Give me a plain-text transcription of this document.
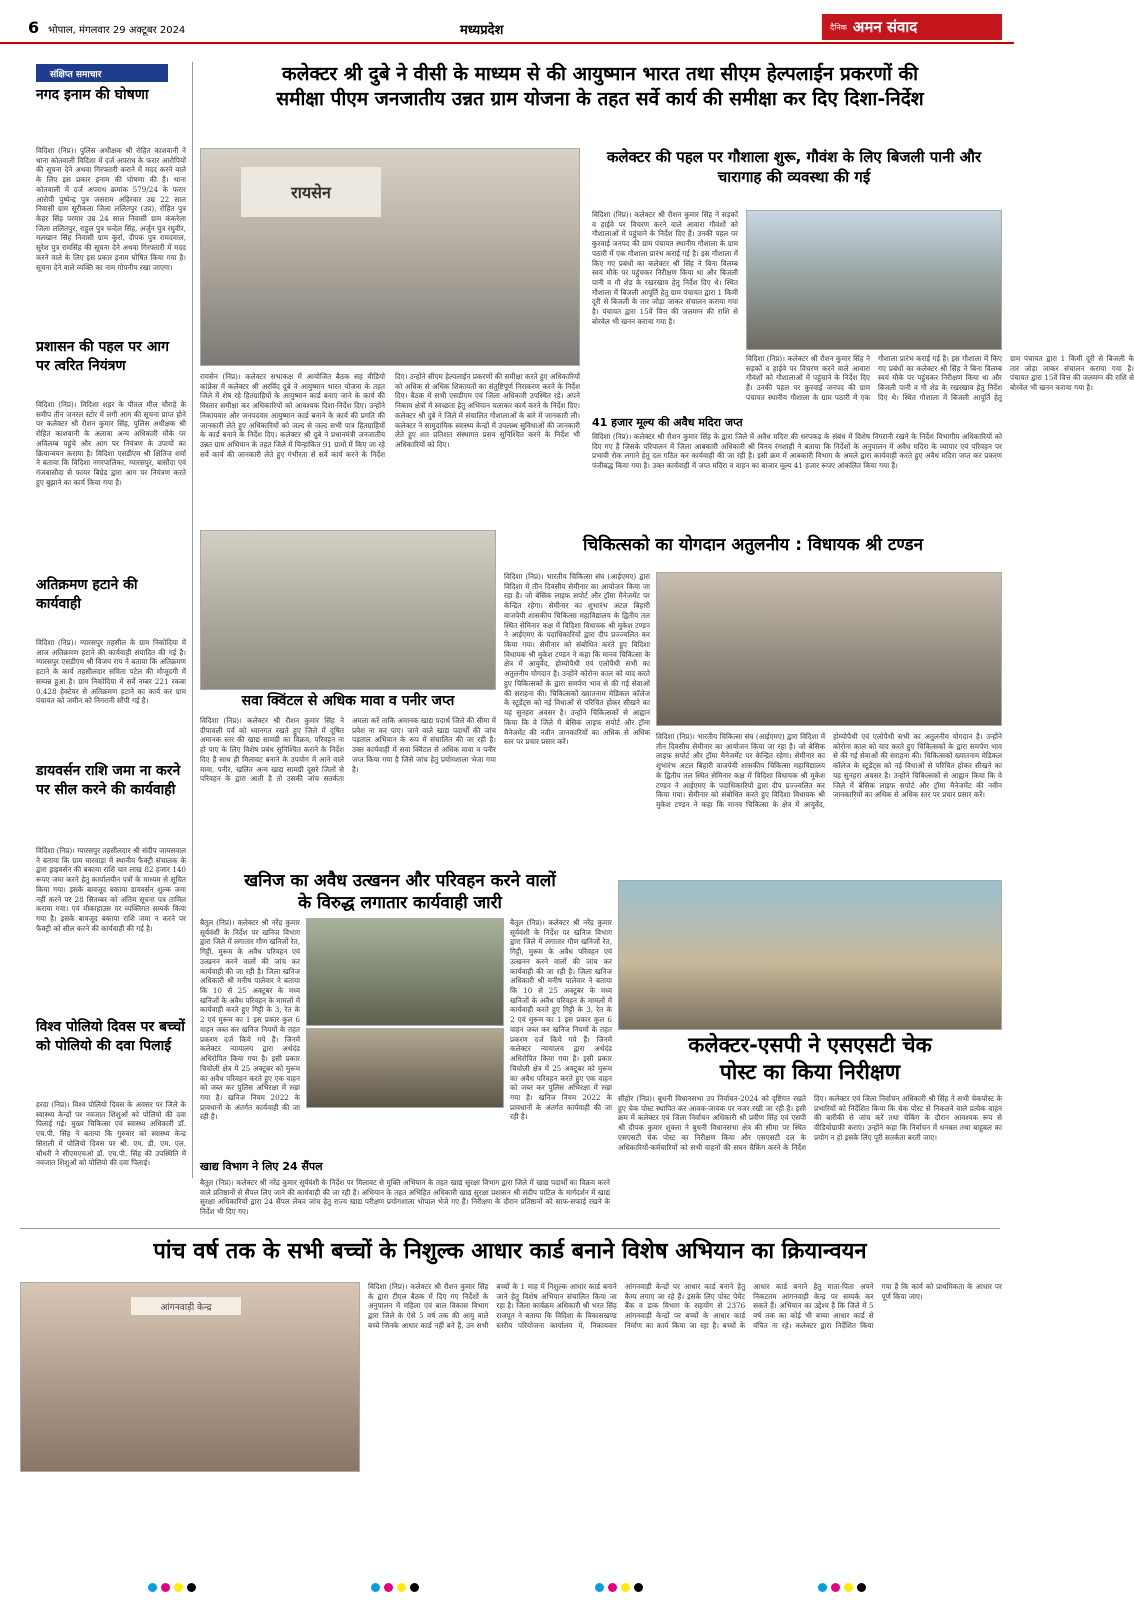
6 भोपाल, मंगलवार 29 अक्टूबर 2024	मध्यप्रदेश	दैनिक अमन संवाद
संक्षिप्त समाचार
नगद इनाम की घोषणा
विदिशा (निप्र)। पुलिस अधीक्षक श्री रोहित काशवानी ने थाना कोतवाली विदिशा में दर्ज अपराध के फरार आरोपियों की सूचना देने अथवा गिरफ्तारी कराने में मदद करने वाले के लिए इस प्रकार इनाम की घोषणा की है। थाना कोतवाली में दर्ज अपराध क्रमांक 579/24 के फरार आरोपी पुष्पेन्द्र पुत्र जसराम अहिरवार उम्र 22 साल निवासी ग्राम सूरीकला जिला ललितपुर (उप्र), रोहित पुत्र केहर सिंह परमार उम्र 24 साल निवासी ग्राम कंकरेला जिला ललितपुर, राहुल पुत्र चन्देल सिंह, अर्जुन पुत्र रघुवीर, मलखान सिंह निवासी ग्राम कुर्रा, दीपक पुत्र रामदयाल, सुरेश पुत्र रामसिंह की सूचना देने अथवा गिरफ्तारी में मदद करने वाले के लिए इस प्रकार इनाम घोषित किया गया है। सूचना देने वाले व्यक्ति का नाम गोपनीय रखा जाएगा।
प्रशासन की पहल पर आग पर त्वरित नियंत्रण
विदिशा (निप्र)। विदिशा शहर के पीतल मील चौराहे के समीप तीन जनरल स्टोर में लगी आग की सूचना प्राप्त होने पर कलेक्टर श्री रौशन कुमार सिंह, पुलिस अधीक्षक श्री रोहित काशवानी के अलावा अन्य अधिकारी मौके पर अविलम्ब पहुंचे और आग पर नियंत्रण के उपायों का क्रियान्वयन कराया है। विदिशा एसडीएम श्री क्षितिज शर्मा ने बताया कि विदिशा नगरपालिका, ग्यारसपुर, बासौदा एवं गंजबासौदा से फायर बिग्रेड द्वारा आग पर नियंत्रण करते हुए बुझाने का कार्य किया गया है।
अतिक्रमण हटाने की कार्यवाही
विदिशा (निप्र)। ग्यारसपुर तहसील के ग्राम निकोदिया में आज अतिक्रमण हटाने की कार्यवाही संपादित की गई है। ग्यारसपुर एसडीएम श्री विजय राय ने बताया कि अतिक्रमण हटाने के कार्य तहसीलदार सविता पटेल की मौजूदगी में सम्पन्न हुआ है। ग्राम निकोदिया में सर्वे नम्बर 221 रकबा 0.428 हेक्टेयर से अतिक्रमण हटाने का कार्य कर ग्राम पंचायत को जमीन को निगरानी सौंपी गई है।
डायवर्सन राशि जमा ना करने पर सील करने की कार्यवाही
विदिशा (निप्र)। ग्यारसपुर तहसीलदार श्री संदीप जायसवाल ने बताया कि ग्राम मारवाड़ा में स्थानीय फैक्ट्री संचालक के द्वारा ड्राइवर्सन की बकाया राशि चार लाख 82 हजार 140 रूपए जमा करने हेतु कार्यालयीन पत्रों के माध्यम से सूचित किया गया। इसके बावजूद बकाया डायवर्सन शुल्क जमा नहीं करने पर 28 सितम्बर को अंतिम सूचना पत्र तामिल कराया गया। एवं मौकाहाउस पर व्यक्तिगत सम्पर्क किया गया है। इसके बावजूद बकाया राशि जमा न करने पर फैक्ट्री को सील करने की कार्यवाही की गई है।
विश्व पोलियो दिवस पर बच्चों को पोलियो की दवा पिलाई
हरदा (निप्र)। विश्व पोलियो दिवस के अवसर पर जिले के स्वास्थ्य केन्द्रों पर नवजात शिशुओं को पोलियो की दवा पिलाई गई। मुख्य चिकित्सा एवं स्वास्थ्य अधिकारी डॉ. एच.पी. सिंह ने बताया कि गुरुवार को स्वास्थ्य केन्द्र सिराली में पोलियो दिवस पर श्री. एम. डी. एम. एल. चौधरी ने सीएमएचओ डॉ. एच.पी. सिंह की उपस्थिति में नवजात शिशुओं को पोलियो की दवा पिलाई।
कलेक्टर श्री दुबे ने वीसी के माध्यम से की आयुष्मान भारत तथा सीएम हेल्पलाईन प्रकरणों की
समीक्षा पीएम जनजातीय उन्नत ग्राम योजना के तहत सर्वे कार्य की समीक्षा कर दिए दिशा-निर्देश
रायसेन
रायसेन (निप्र)। कलेक्टर सभाकक्ष में आयोजित बैठक सह वीडियो कांफ्रेंस में कलेक्टर श्री अरविंद दुबे ने आयुष्मान भारत योजना के तहत जिले में शेष रहे हितग्राहियों के आयुष्मान कार्ड बनाए जाने के कार्य की विस्तार समीक्षा कर अधिकारियों को आवश्यक दिशा-निर्देश दिए। उन्होंने निकायवार और जनपदवार आयुष्मान कार्ड बनाने के कार्य की प्रगति की जानकारी लेते हुए अधिकारियों को जल्द से जल्द सभी पात्र हितग्राहियों के कार्ड बनाने के निर्देश दिए। कलेक्टर श्री दुबे ने प्रधानमंत्री जनजातीय उन्नत ग्राम अभियान के तहत जिले में चिन्हांकित 91 ग्रामों में किए जा रहे सर्वे कार्य की जानकारी लेते हुए गंभीरता से सर्वे कार्य करने के निर्देश दिए। उन्होंने सीएम हेल्पलाईन प्रकरणों की समीक्षा करते हुए अधिकारियों को अधिक से अधिक शिकायतों का संतुष्टिपूर्ण निराकरण करने के निर्देश दिए। बैठक में सभी एसडीएम एवं जिला अधिकारी उपस्थित रहे। अपने निकाय क्षेत्रों में स्वच्छता हेतु अभियान चलाकर कार्य करने के निर्देश दिए। कलेक्टर श्री दुबे ने जिले में संचालित गौशालाओं के बारे में जानकारी ली। कलेक्टर ने सामुदायिक स्वास्थ्य केन्द्रों में उपलब्ध सुविधाओं की जानकारी लेते हुए शत प्रतिशत संस्थागत प्रसव सुनिश्चित करने के निर्देश भी अधिकारियों को दिए।
कलेक्टर की पहल पर गौशाला शुरू, गौवंश के लिए बिजली पानी और चारागाह की व्यवस्था की गई
विदिशा (निप्र)। कलेक्टर श्री रौशन कुमार सिंह ने सड़कों व हाईवे पर विचरण करने वाले आवारा गौवंशों को गौशालाओं में पहुंचाने के निर्देश दिए हैं। उनकी पहल पर कुरवाई जनपद की ग्राम पंचायत स्थानीय गौशाला के ग्राम पठारी में एक गौशाला प्रारंभ कराई गई है। इस गौशाला में किए गए प्रबंधों का कलेक्टर श्री सिंह ने बिना विलम्ब स्वयं मौके पर पहुंचकर निरीक्षण किया था और बिजली पानी व गौ शेड के रखरखाव हेतु निर्देश दिए थे। स्थित गौशाला में बिजली आपूर्ति हेतु ग्राम पंचायत द्वारा 1 किमी दूरी से बिजली के तार जोड़ा जाकर संचालन कराया गया है। पंचायत द्वारा 15वें वित्त की जलमग्न की राशि से बोरवेल भी खनन कराया गया है।
विदिशा (निप्र)। कलेक्टर श्री रौशन कुमार सिंह ने सड़कों व हाईवे पर विचरण करने वाले आवारा गौवंशों को गौशालाओं में पहुंचाने के निर्देश दिए हैं। उनकी पहल पर कुरवाई जनपद की ग्राम पंचायत स्थानीय गौशाला के ग्राम पठारी में एक गौशाला प्रारंभ कराई गई है। इस गौशाला में किए गए प्रबंधों का कलेक्टर श्री सिंह ने बिना विलम्ब स्वयं मौके पर पहुंचकर निरीक्षण किया था और बिजली पानी व गौ शेड के रखरखाव हेतु निर्देश दिए थे। स्थित गौशाला में बिजली आपूर्ति हेतु ग्राम पंचायत द्वारा 1 किमी दूरी से बिजली के तार जोड़ा जाकर संचालन कराया गया है। पंचायत द्वारा 15वें वित्त की जलमग्न की राशि से बोरवेल भी खनन कराया गया है।
41 हजार मूल्य की अवैध मदिरा जप्त
विदिशा (निप्र)। कलेक्टर श्री रौशन कुमार सिंह के द्वारा जिले में अवैध मदिरा की धरपकड़ के संबंध में विशेष निगरानी रखने के निर्देश विभागीय अधिकारियों को दिए गए हैं जिसके परिपालन में जिला आबकारी अधिकारी श्री विनय रंगशाही ने बताया कि निर्देशों के अनुपालन में अवैध मदिरा के व्यापार एवं परिवहन पर प्रभावी रोक लगाने हेतु दल गठित कर कार्यवाही की जा रही है। इसी क्रम में आबकारी विभाग के अमले द्वारा कार्यवाही करते हुए अवैध मदिरा जप्त कर प्रकरण पंजीबद्ध किया गया है। उक्त कार्यवाही में जप्त मदिरा व वाहन का बाजार मूल्य 41 हजार रूपए आंकलित किया गया है।
सवा क्विंटल से अधिक मावा व पनीर जप्त
विदिशा (निप्र)। कलेक्टर श्री रौशन कुमार सिंह ने दीपावली पर्व को ध्यानगत रखते हुए जिले में दूषित अमानक स्तर की खाद्य सामग्री का विक्रय, परिवहन ना हो पाए के लिए विशेष प्रबंध सुनिश्चित कराने के निर्देश दिए हैं साथ ही मिलावट बनाने के उपयोग में आने वाले मावा, पनीर, खलित अन्य खाद्य सामग्री दूसरे जिलों से परिवहन के द्वारा आती है तो उसकी जांच सतर्कता अमला करें ताकि अमानक खाद्य पदार्थ जिले की सीमा में प्रवेश ना कर पाए। जाने वाले खाद्य पदार्थों की जांच पड़ताल अभियान के रूप में संचालित की जा रही है। उक्त कार्यवाही में सवा क्विंटल से अधिक मावा व पनीर जप्त किया गया है जिसे जांच हेतु प्रयोगशाला भेजा गया है।
चिकित्सको का योगदान अतुलनीय : विधायक श्री टण्डन
विदिशा (निप्र)। भारतीय चिकित्सा संघ (आईएमए) द्वारा विदिशा में तीन दिवसीय सेमीनार का आयोजन किया जा रहा है। जो बेसिक लाइफ सपोर्ट और ट्रॉमा मैनेजमेंट पर केन्द्रित रहेगा। सेमीनार का शुभारंभ अटल बिहारी वाजपेयी शासकीय चिकित्सा महाविद्यालय के द्वितीय तल स्थित सेमिनार कक्ष में विदिशा विधायक श्री मुकेश टण्डन ने आईएमए के पदाधिकारियों द्वारा दीप प्रज्ज्वलित कर किया गया। सेमीनार को संबोधित करते हुए विदिशा विधायक श्री मुकेश टण्डन ने कहा कि मानव चिकित्सा के क्षेत्र में आयुर्वेद, होम्योपैथी एवं एलोपैथी सभी का अतुलनीय योगदान है। उन्होंने कोरोना काल को याद करते हुए चिकित्सकों के द्वारा समर्पण भाव से की गई सेवाओं की सराहना की। चिकित्सकों ख्यातनाम मेडिकल कॉलेज के स्टूडेंट्स को नई विधाओं से परिचित होकर सीखने का यह सुनहरा अवसर है। उन्होंने चिकित्सकों से आह्वान किया कि वे जिले में बेसिक लाइफ सपोर्ट और ट्रॉमा मैनेजमेंट की नवीन जानकारियों का अधिक से अधिक स्तर पर प्रचार प्रसार करें।
विदिशा (निप्र)। भारतीय चिकित्सा संघ (आईएमए) द्वारा विदिशा में तीन दिवसीय सेमीनार का आयोजन किया जा रहा है। जो बेसिक लाइफ सपोर्ट और ट्रॉमा मैनेजमेंट पर केन्द्रित रहेगा। सेमीनार का शुभारंभ अटल बिहारी वाजपेयी शासकीय चिकित्सा महाविद्यालय के द्वितीय तल स्थित सेमिनार कक्ष में विदिशा विधायक श्री मुकेश टण्डन ने आईएमए के पदाधिकारियों द्वारा दीप प्रज्ज्वलित कर किया गया। सेमीनार को संबोधित करते हुए विदिशा विधायक श्री मुकेश टण्डन ने कहा कि मानव चिकित्सा के क्षेत्र में आयुर्वेद, होम्योपैथी एवं एलोपैथी सभी का अतुलनीय योगदान है। उन्होंने कोरोना काल को याद करते हुए चिकित्सकों के द्वारा समर्पण भाव से की गई सेवाओं की सराहना की। चिकित्सकों ख्यातनाम मेडिकल कॉलेज के स्टूडेंट्स को नई विधाओं से परिचित होकर सीखने का यह सुनहरा अवसर है। उन्होंने चिकित्सकों से आह्वान किया कि वे जिले में बेसिक लाइफ सपोर्ट और ट्रॉमा मैनेजमेंट की नवीन जानकारियों का अधिक से अधिक स्तर पर प्रचार प्रसार करें।
खनिज का अवैध उत्खनन और परिवहन करने वालों
के विरुद्ध लगातार कार्यवाही जारी
बैतूल (निप्र)। कलेक्टर श्री नरेंद्र कुमार सूर्यवंशी के निर्देश पर खनिज विभाग द्वारा जिले में लगातार गौण खनिजों रेत, गिट्टी, मुरूम के अवैध परिवहन एवं उत्खनन करने वालों की जांच कर कार्यवाही की जा रही है। जिला खनिज अधिकारी श्री मनीष पालेवार ने बताया कि 10 से 25 अक्टूबर के मध्य खनिजों के अवैध परिवहन के मामलों में कार्यवाही करते हुए गिट्टी के 3, रेत के 2 एवं मुरूम का 1 इस प्रकार कुल 6 वाहन जब्त कर खनिज नियमों के तहत प्रकरण दर्ज किये गये हैं। जिनमें कलेक्टर न्यायालय द्वारा अर्थदंड अधिरोपित किया गया है। इसी प्रकार चिचोली क्षेत्र में 25 अक्टूबर को मुरूम का अवैध परिवहन करते हुए एक वाहन को जब्त कर पुलिस अभिरक्षा में रखा गया है। खनिज नियम 2022 के प्रावधानों के अंतर्गत कार्यवाही की जा रही है।
बैतूल (निप्र)। कलेक्टर श्री नरेंद्र कुमार सूर्यवंशी के निर्देश पर खनिज विभाग द्वारा जिले में लगातार गौण खनिजों रेत, गिट्टी, मुरूम के अवैध परिवहन एवं उत्खनन करने वालों की जांच कर कार्यवाही की जा रही है। जिला खनिज अधिकारी श्री मनीष पालेवार ने बताया कि 10 से 25 अक्टूबर के मध्य खनिजों के अवैध परिवहन के मामलों में कार्यवाही करते हुए गिट्टी के 3, रेत के 2 एवं मुरूम का 1 इस प्रकार कुल 6 वाहन जब्त कर खनिज नियमों के तहत प्रकरण दर्ज किये गये हैं। जिनमें कलेक्टर न्यायालय द्वारा अर्थदंड अधिरोपित किया गया है। इसी प्रकार चिचोली क्षेत्र में 25 अक्टूबर को मुरूम का अवैध परिवहन करते हुए एक वाहन को जब्त कर पुलिस अभिरक्षा में रखा गया है। खनिज नियम 2022 के प्रावधानों के अंतर्गत कार्यवाही की जा रही है।
कलेक्टर-एसपी ने एसएसटी चेक
पोस्ट का किया निरीक्षण
सीहोर (निप्र)। बुधनी विधानसभा उप निर्वाचन-2024 को दृष्टिगत रखते हुए चेक पोस्ट स्थापित कर आवक-जावक पर नजर रखी जा रही है। इसी क्रम में कलेक्टर एवं जिला निर्वाचन अधिकारी श्री प्रवीण सिंह एवं एसपी श्री दीपक कुमार शुक्ला ने बुधनी विधानसभा क्षेत्र की सीमा पर स्थित एसएसटी चेक पोस्ट का निरीक्षण किया और एसएसटी दल के अधिकारियों-कर्मचारियों को सभी वाहनों की सघन चैकिंग करने के निर्देश दिए। कलेक्टर एवं जिला निर्वाचन अधिकारी श्री सिंह ने सभी चेकपोस्ट के प्रभारियों को निर्देशित किया कि चेक पोस्ट से निकलने वाले प्रत्येक वाहन की बारीकी से जांच करें तथा चेकिंग के दौरान आवश्यक रूप से वीडियोग्राफी कराएं। उन्होंने कहा कि निर्वाचन में धनबल तथा बाहुबल का प्रयोग न हो इसके लिए पूरी सतर्कता बरती जाए।
खाद्य विभाग ने लिए 24 सैंपल
बैतूल (निप्र)। कलेक्टर श्री नरेंद्र कुमार सूर्यवंशी के निर्देश पर मिलावट से मुक्ति अभियान के तहत खाद्य सुरक्षा विभाग द्वारा जिले में खाद्य पदार्थों का विक्रय करने वाले प्रतिष्ठानों से सैंपल लिए जाने की कार्यवाही की जा रही है। अभियान के तहत अभिहित अधिकारी खाद्य सुरक्षा प्रशासन श्री संदीप पाटिल के मार्गदर्शन में खाद्य सुरक्षा अधिकारियों द्वारा 24 सैंपल लेकर जांच हेतु राज्य खाद्य परीक्षण प्रयोगशाला भोपाल भेजे गए हैं। निरीक्षण के दौरान प्रतिष्ठानों को साफ-सफाई रखने के निर्देश भी दिए गए।
पांच वर्ष तक के सभी बच्चों के निशुल्क आधार कार्ड बनाने विशेष अभियान का क्रियान्वयन
आंगनवाड़ी केन्द्र
विदिशा (निप्र)। कलेक्टर श्री रौशन कुमार सिंह के द्वारा टीएल बैठक में दिए गए निर्देशों के अनुपालन में महिला एवं बाल विकास विभाग द्वारा जिले के ऐसे 5 वर्ष तक की आयु वाले बच्चे जिनके आधार कार्ड नहीं बने हैं, उन सभी बच्चों के 1 माह में निशुल्क आधार कार्ड बनाने जाने हेतु विशेष अभियान संचालित किया जा रहा है। जिला कार्यक्रम अधिकारी श्री भरत सिंह राजपूत ने बताया कि विदिशा के विकासखण्ड स्तरीय परियोजना कार्यालय में, निकायवार आंगनवाड़ी केन्द्रों पर आधार कार्ड बनाने हेतु कैम्प लगाए जा रहे हैं। इसके लिए पोस्ट पेमेंट बैंक व डाक विभाग के सहयोग से 2376 आंगनवाड़ी केन्द्रों पर बच्चों के आधार कार्ड निर्माण का कार्य किया जा रहा है। बच्चों के आधार कार्ड बनाने हेतु माता-पिता अपने निकटतम आंगनवाड़ी केन्द्र पर सम्पर्क कर सकते हैं। अभियान का उद्देश्य है कि जिले में 5 वर्ष तक का कोई भी बच्चा आधार कार्ड से वंचित ना रहे। कलेक्टर द्वारा निर्देशित किया गया है कि कार्य को प्राथमिकता के आधार पर पूर्ण किया जाए।
